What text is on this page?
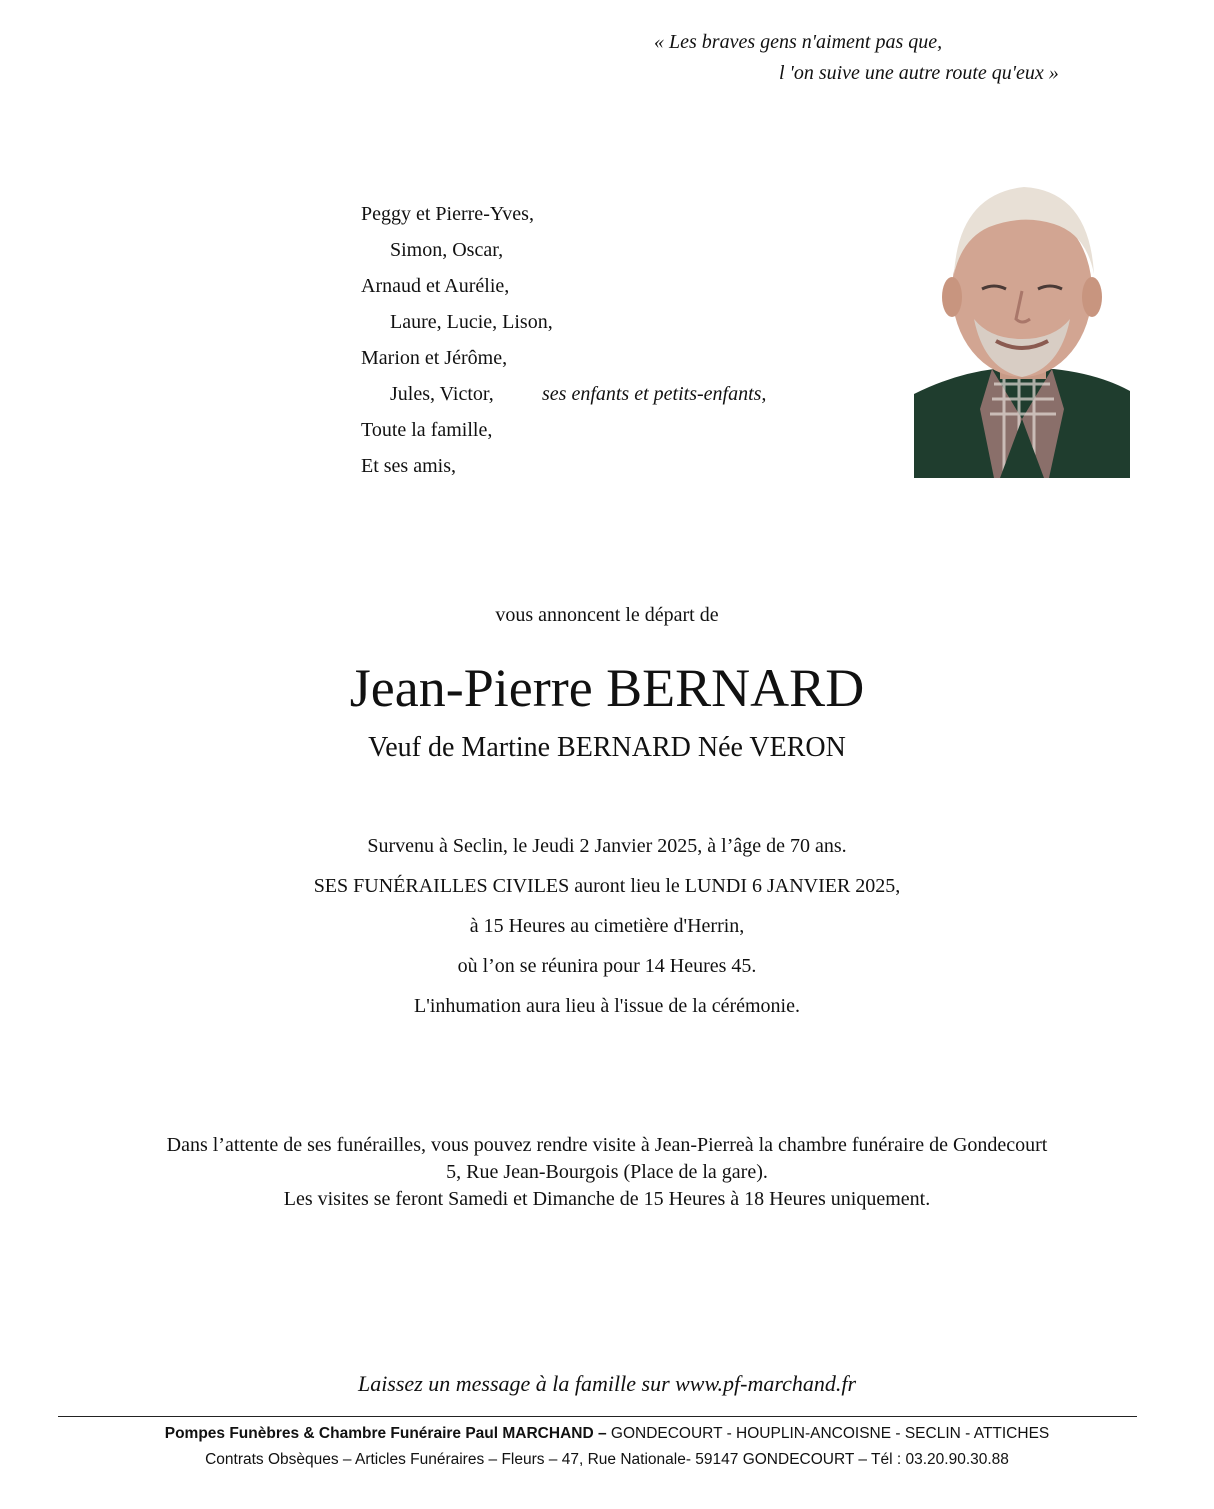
« Les braves gens n'aiment pas que,
l 'on suive une autre route qu'eux »
Peggy et Pierre-Yves,
Simon, Oscar,
Arnaud et Aurélie,
Laure, Lucie, Lison,
Marion et Jérôme,
Jules, Victor, ses enfants et petits-enfants,
Toute la famille,
Et ses amis,
vous annoncent le départ de
Jean-Pierre BERNARD
Veuf de Martine BERNARD Née VERON
Survenu à Seclin, le Jeudi 2 Janvier 2025, à l’âge de 70 ans.
SES FUNÉRAILLES CIVILES auront lieu le LUNDI 6 JANVIER 2025,
à 15 Heures au cimetière d'Herrin,
où l’on se réunira pour 14 Heures 45.
L'inhumation aura lieu à l'issue de la cérémonie.
Dans l’attente de ses funérailles, vous pouvez rendre visite à Jean-Pierreà la chambre funéraire de Gondecourt
5, Rue Jean-Bourgois (Place de la gare).
Les visites se feront Samedi et Dimanche de 15 Heures à 18 Heures uniquement.
Laissez un message à la famille sur www.pf-marchand.fr
Pompes Funèbres & Chambre Funéraire Paul MARCHAND – GONDECOURT - HOUPLIN-ANCOISNE - SECLIN - ATTICHES
Contrats Obsèques – Articles Funéraires – Fleurs – 47, Rue Nationale- 59147 GONDECOURT – Tél : 03.20.90.30.88
